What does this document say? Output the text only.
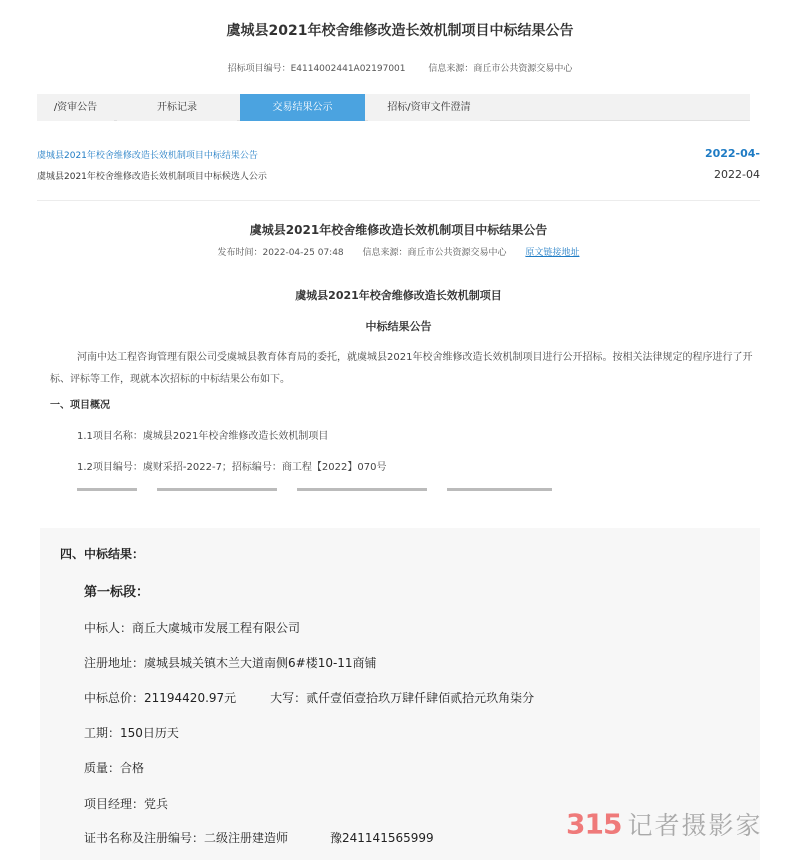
虞城县2021年校舍维修改造长效机制项目中标结果公告
招标项目编号：E4114002441A02197001	信息来源：商丘市公共资源交易中心
/资审公告	开标记录	交易结果公示	招标/资审文件澄清
虞城县2021年校舍维修改造长效机制项目中标结果公告	2022-04-
虞城县2021年校舍维修改造长效机制项目中标候选人公示	2022-04
虞城县2021年校舍维修改造长效机制项目中标结果公告
发布时间：2022-04-25 07:48 信息来源：商丘市公共资源交易中心 原文链接地址
虞城县2021年校舍维修改造长效机制项目
中标结果公告
河南中达工程咨询管理有限公司受虞城县教育体育局的委托，就虞城县2021年校舍维修改造长效机制项目进行公开招标。按相关法律规定的程序进行了开标、评标等工作，现就本次招标的中标结果公布如下。
一、项目概况
1.1项目名称：虞城县2021年校舍维修改造长效机制项目
1.2项目编号：虞财采招-2022-7；招标编号：商工程【2022】070号
四、中标结果：
第一标段：
中标人：商丘大虞城市发展工程有限公司
注册地址：虞城县城关镇木兰大道南侧6#楼10-11商铺
中标总价：21194420.97元	大写：贰仟壹佰壹拾玖万肆仟肆佰贰拾元玖角柒分
工期：150日历天
质量：合格
项目经理：党兵
证书名称及注册编号：二级注册建造师	豫241141565999	315 记者摄影家
